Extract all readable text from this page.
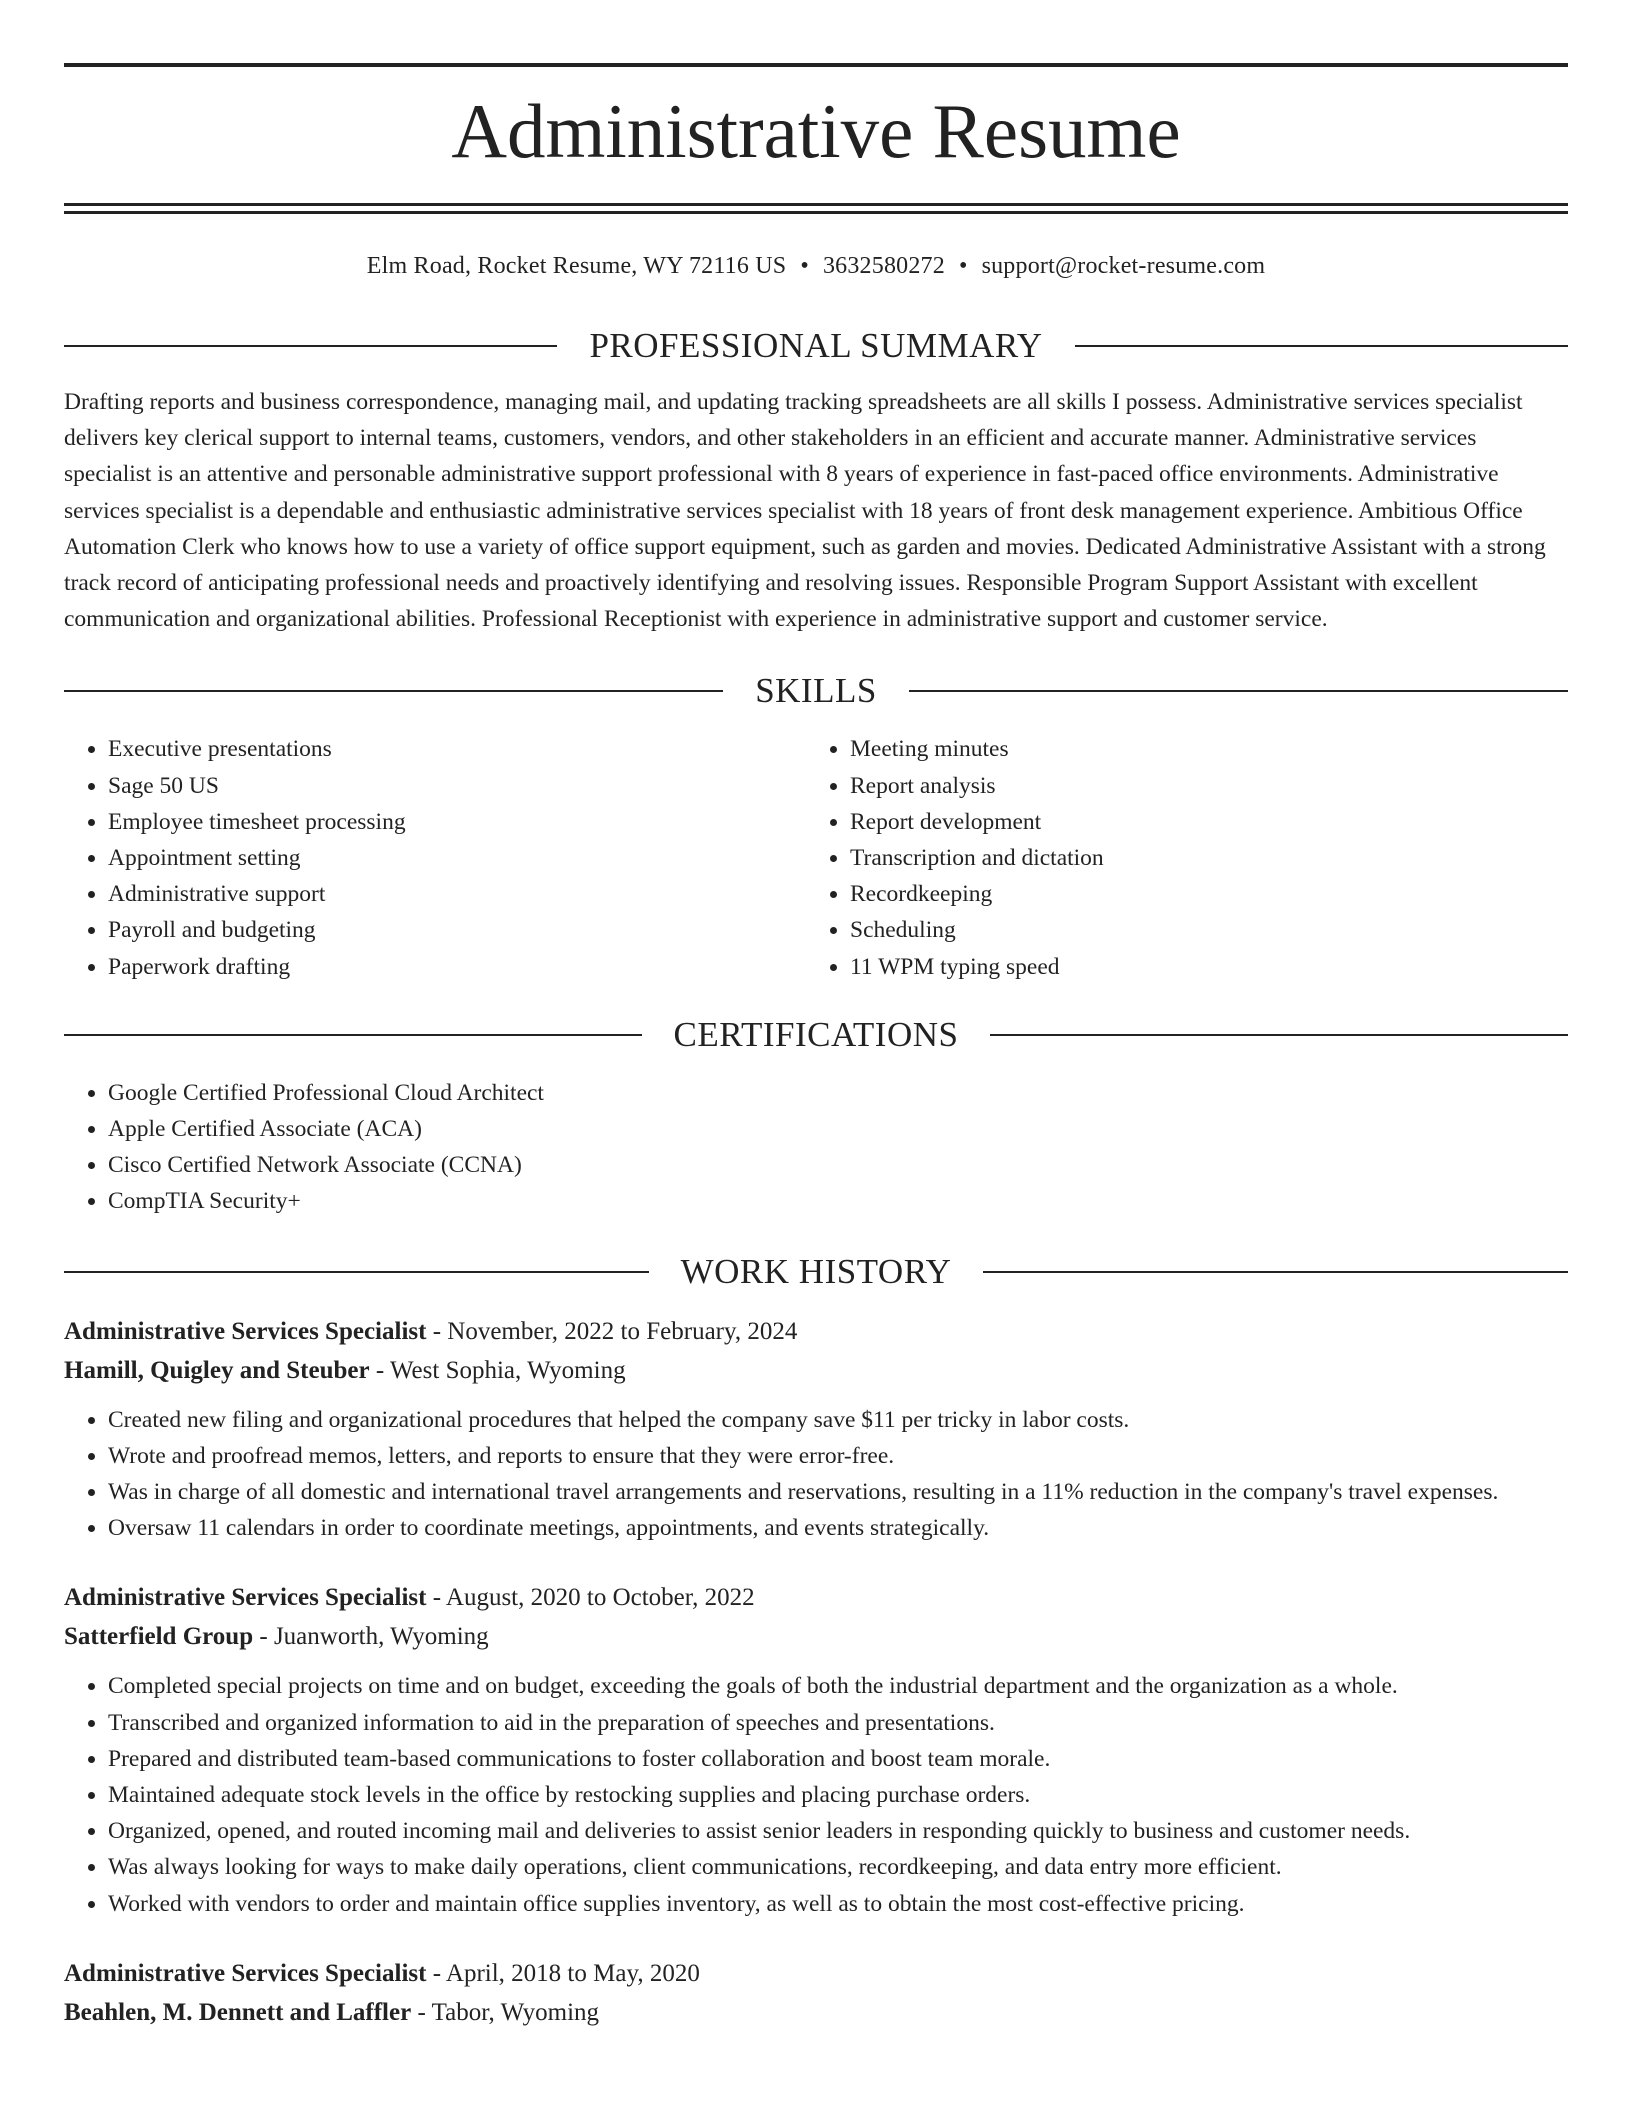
Administrative Resume
Elm Road, Rocket Resume, WY 72116 US • 3632580272 • support@rocket-resume.com
PROFESSIONAL SUMMARY

Drafting reports and business correspondence, managing mail, and updating tracking spreadsheets are all skills I possess. Administrative services specialist delivers key clerical support to internal teams, customers, vendors, and other stakeholders in an efficient and accurate manner. Administrative services specialist is an attentive and personable administrative support professional with 8 years of experience in fast-paced office environments. Administrative services specialist is a dependable and enthusiastic administrative services specialist with 18 years of front desk management experience. Ambitious Office Automation Clerk who knows how to use a variety of office support equipment, such as garden and movies. Dedicated Administrative Assistant with a strong track record of anticipating professional needs and proactively identifying and resolving issues. Responsible Program Support Assistant with excellent communication and organizational abilities. Professional Receptionist with experience in administrative support and customer service.

SKILLS
• Executive presentations
• Sage 50 US
• Employee timesheet processing
• Appointment setting
• Administrative support
• Payroll and budgeting
• Paperwork drafting
• Meeting minutes
• Report analysis
• Report development
• Transcription and dictation
• Recordkeeping
• Scheduling
• 11 WPM typing speed
CERTIFICATIONS
• Google Certified Professional Cloud Architect
• Apple Certified Associate (ACA)
• Cisco Certified Network Associate (CCNA)
• CompTIA Security+
WORK HISTORY
Administrative Services Specialist - November, 2022 to February, 2024
Hamill, Quigley and Steuber - West Sophia, Wyoming
• Created new filing and organizational procedures that helped the company save $11 per tricky in labor costs.
• Wrote and proofread memos, letters, and reports to ensure that they were error-free.
• Was in charge of all domestic and international travel arrangements and reservations, resulting in a 11% reduction in the company's travel expenses.
• Oversaw 11 calendars in order to coordinate meetings, appointments, and events strategically.
Administrative Services Specialist - August, 2020 to October, 2022
Satterfield Group - Juanworth, Wyoming
• Completed special projects on time and on budget, exceeding the goals of both the industrial department and the organization as a whole.
• Transcribed and organized information to aid in the preparation of speeches and presentations.
• Prepared and distributed team-based communications to foster collaboration and boost team morale.
• Maintained adequate stock levels in the office by restocking supplies and placing purchase orders.
• Organized, opened, and routed incoming mail and deliveries to assist senior leaders in responding quickly to business and customer needs.
• Was always looking for ways to make daily operations, client communications, recordkeeping, and data entry more efficient.
• Worked with vendors to order and maintain office supplies inventory, as well as to obtain the most cost-effective pricing.
Administrative Services Specialist - April, 2018 to May, 2020
Beahlen, M. Dennett and Laffler - Tabor, Wyoming
